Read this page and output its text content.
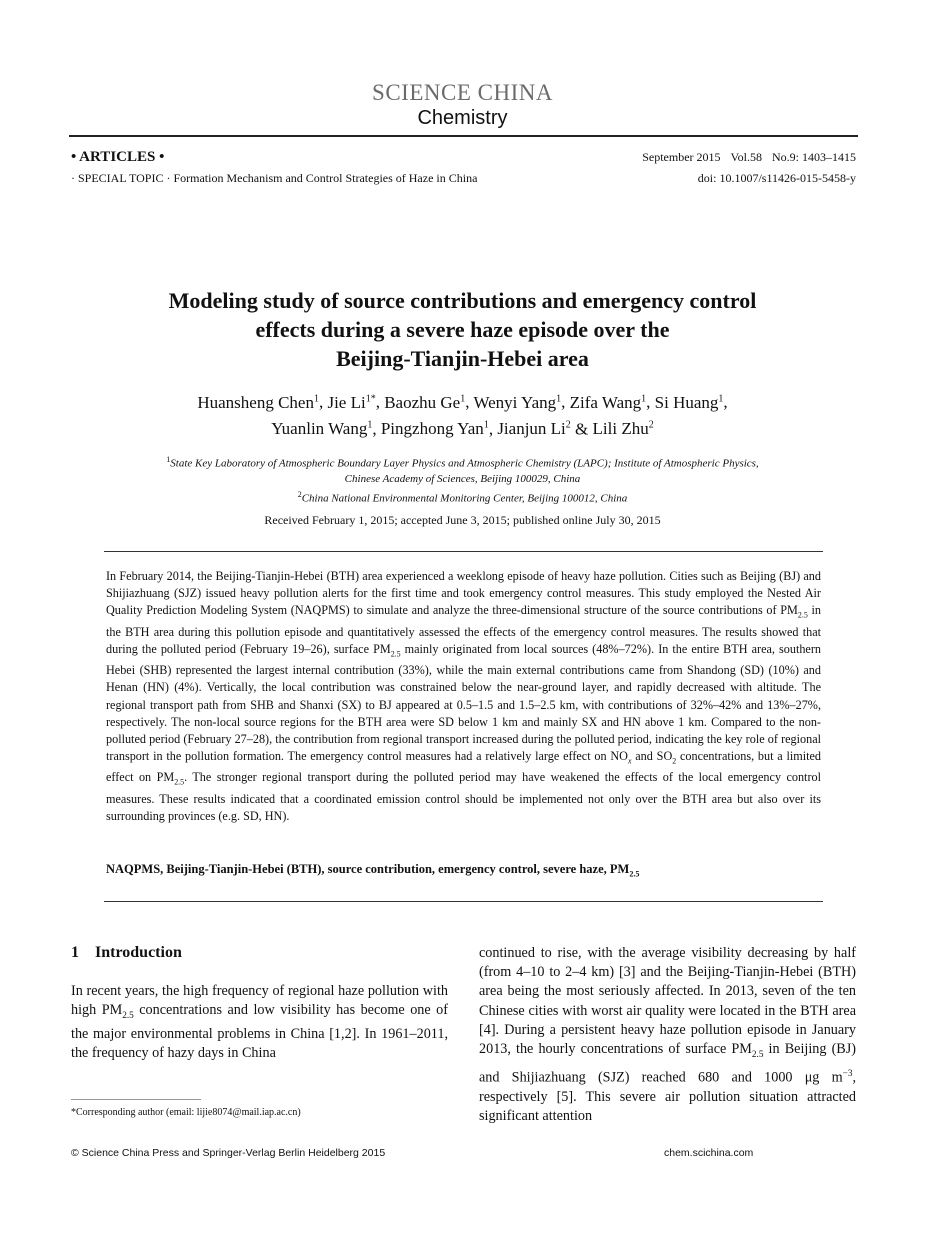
SCIENCE CHINA
Chemistry
• ARTICLES •
· SPECIAL TOPIC · Formation Mechanism and Control Strategies of Haze in China
September 2015 Vol.58 No.9: 1403–1415
doi: 10.1007/s11426-015-5458-y
Modeling study of source contributions and emergency control
effects during a severe haze episode over the
Beijing-Tianjin-Hebei area
Huansheng Chen$^1$, Jie $Li^{1*}$, Baozhu Ge$^1$, Wenyi Yang$^1$, Zifa Wang$^1$, Si Huang$^1$,
Yuanlin Wang$^1$, Pingzhong Yan$^1$, Jianjun Li$^2$ & Lili Zhu$^2$
$^1$State Key Laboratory of Atmospheric Boundary Layer Physics and Atmospheric Chemistry (LAPC); Institute of Atmospheric Physics,
Chinese Academy of Sciences, Beijing 100029, China
$^2$China National Environmental Monitoring Center, Beijing 100012, China
Received February 1, 2015; accepted June 3, 2015; published online July 30, 2015
In February 2014, the Beijing-Tianjin-Hebei (BTH) area experienced a weeklong episode of heavy haze pollution. Cities such as Beijing (BJ) and Shijiazhuang (SJZ) issued heavy pollution alerts for the first time and took emergency control measures. This study employed the Nested Air Quality Prediction Modeling System (NAQPMS) to simulate and analyze the three-dimensional structure of the source contributions of $PM_{2.5}$ in the BTH area during this pollution episode and quantitatively assessed the effects of the emergency control measures. The results showed that during the polluted period (February 19–26), surface $PM_{2.5}$ mainly originated from local sources (48%–72%). In the entire BTH area, southern Hebei (SHB) represented the largest internal contribution (33%), while the main external contributions came from Shandong (SD) (10%) and Henan (HN) (4%). Vertically, the local contribution was constrained below the near-ground layer, and rapidly decreased with altitude. The regional transport path from SHB and Shanxi (SX) to BJ appeared at 0.5–1.5 and 1.5–2.5 km, with contributions of 32%–42% and 13%–27%, respectively. The non-local source regions for the BTH area were SD below 1 km and mainly SX and HN above 1 km. Compared to the non-polluted period (February 27–28), the contribution from regional transport increased during the polluted period, indicating the key role of regional transport in the pollution formation. The emergency control measures had a relatively large effect on $NO_x$ and $SO_2$ concentrations, but a limited effect on $PM_{2.5}$. The stronger regional transport during the polluted period may have weakened the effects of the local emergency control measures. These results indicated that a coordinated emission control should be implemented not only over the BTH area but also over its surrounding provinces (e.g. SD, HN).
NAQPMS, Beijing-Tianjin-Hebei (BTH), source contribution, emergency control, severe haze, $PM_{2.5}$
1 Introduction
In recent years, the high frequency of regional haze pollution with high $PM_{2.5}$ concentrations and low visibility has become one of the major environmental problems in China [1,2]. In 1961–2011, the frequency of hazy days in China
continued to rise, with the average visibility decreasing by half (from 4–10 to 2–4 km) [3] and the Beijing-Tianjin-Hebei (BTH) area being the most seriously affected. In 2013, seven of the ten Chinese cities with worst air quality were located in the BTH area [4]. During a persistent heavy haze pollution episode in January 2013, the hourly concentrations of surface $PM_{2.5}$ in Beijing (BJ) and Shijiazhuang (SJZ) reached 680 and 1000 μg $m^{-3}$, respectively [5]. This severe air pollution situation attracted significant attention
*Corresponding author (email: lijie8074@mail.iap.ac.cn)
© Science China Press and Springer-Verlag Berlin Heidelberg 2015	chem.scichina.com
